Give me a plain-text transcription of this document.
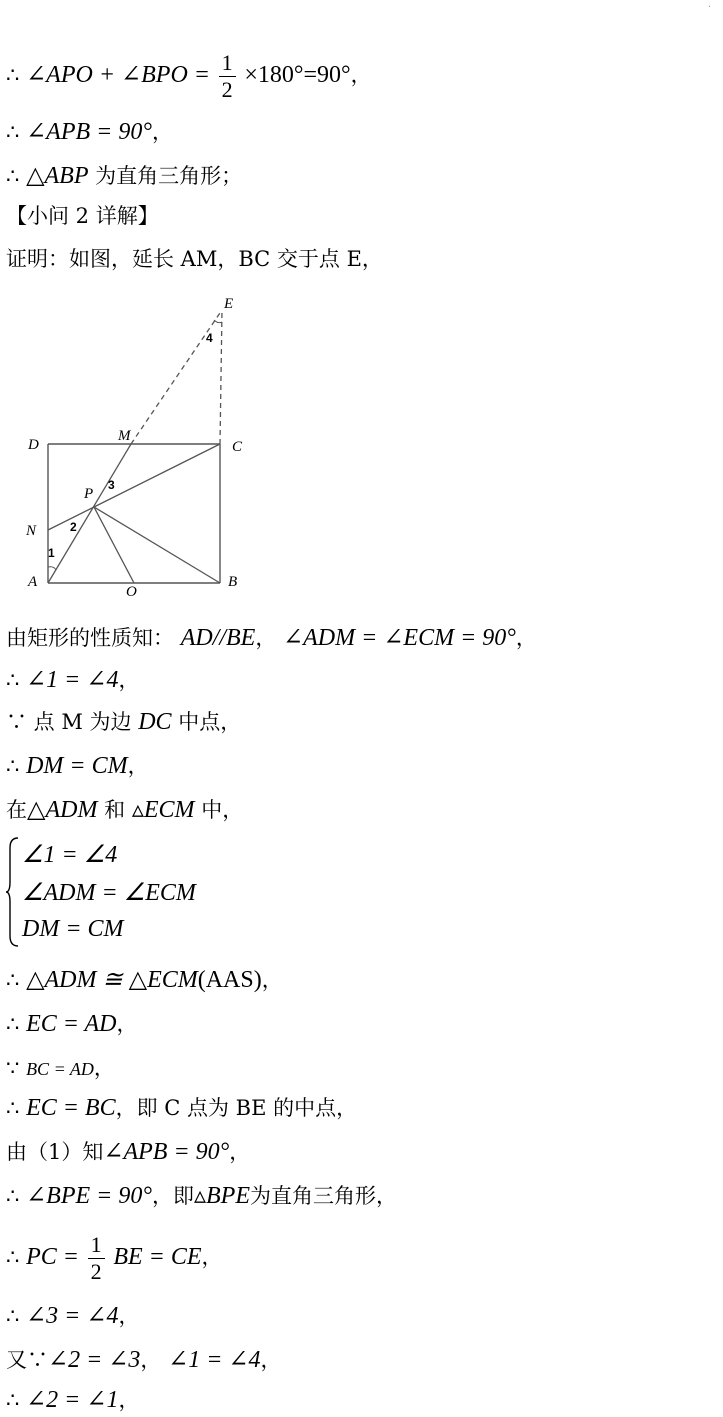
·
∴ ∠APO + ∠BPO = $\frac{1}{2} \times 180^\circ=90^\circ$，
∴ ∠APB = 90°，
∴ △ABP 为直角三角形；
【小问 2 详解】
证明：如图，延长 AM，BC 交于点 E，
E
D
M
C
P
N
A
O
B
1
2
3
4
由矩形的性质知： AD//BE， ∠ADM = ∠ECM = 90°，
∴ ∠1 = ∠4，
∵ 点 M 为边 DC 中点，
∴ DM = CM，
在△ADM 和 ▵ECM 中，
∠1 = ∠4
∠ADM = ∠ECM
DM = CM
∴ △ADM ≅ △ECM(AAS)，
∴ EC = AD，
∵ BC = AD，
∴ EC = BC，即 C 点为 BE 的中点，
由（1）知∠APB = 90°，
∴ ∠BPE = 90°，即▵BPE为直角三角形，
∴ PC = $\frac{1}{2}$ BE = CE，
∴ ∠3 = ∠4，
又∵∠2 = ∠3， ∠1 = ∠4，
∴ ∠2 = ∠1，
